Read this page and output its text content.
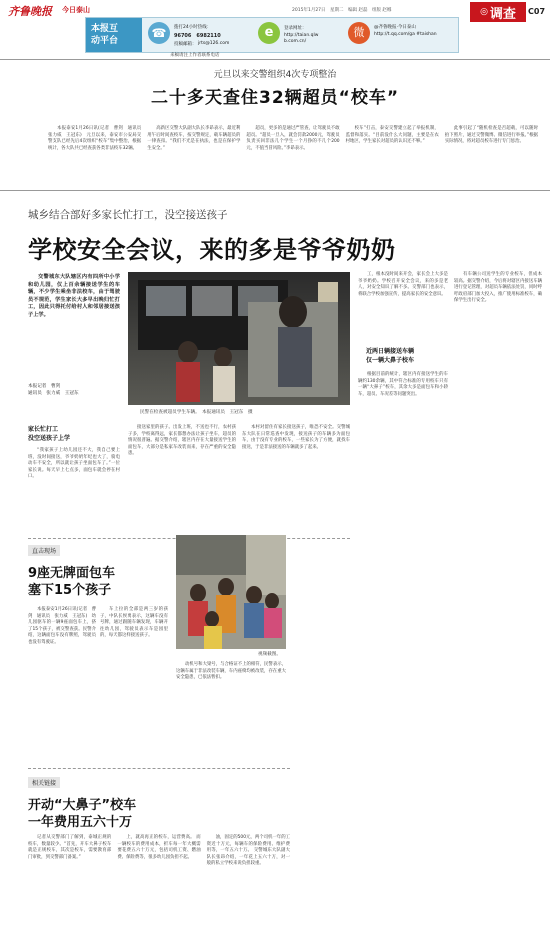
齐鲁晚报 今日泰山	2015年1月27日　星期二　编辑 赵磊　组版 赵娜	◎ 调查 C07
本报互
动平台
☎	拨打24小时热线：
96706　6982110
投稿邮箱： jrts@126.com
e	登录网址：
http://taian.qlw b.com.cn/
微	@齐鲁晚报·今日泰山
http://t.qq.com/ga #taishan
来稿请注上作者联系电话
元旦以来交警组织4次专项整治
二十多天查住32辆超员“校车”

本报泰安1月26日讯(记者　曹剑　通讯员　张力威　王冠东)　元旦以来，泰安市公安局交警支队已经先后4次组织“校车”集中整治，根据统计，各大队共已经查获各类非法校车32辆。

高新区交警大队副大队长李昂表示，最近利用午后时间查校车，按交警规定，载车辆超员的一律查扣。“我们不光是在执法，也是在保护学生安全。”

超员，更多的是通过严管查，让驾驶员不敢超员。“超员一旦入，就会罚款2000元，驾驶员负责买回非法儿个学生一个月挣的不几个200元，不值当冒风险。”李昂表示。

校车”打击，泰安交警建立起了举报机制，监督和落实。“目前没什么大问题，主要是在农村地区，学生家长对超员的认识还不够。”

此事引起了“随机检查是否超载，可以随时拍下照片，通过交警微博、微信进行举报。”根据实际情况，将对超员校车进行专门惩治。

城乡结合部好多家长忙打工，没空接送孩子
学校安全会议，来的多是爷爷奶奶

交警城东大队辖区内有四所中小学和幼儿园，仅上百余辆接送学生的车辆，不少学生乘坐非法校车，由于驾驶员不规范，学生家长大多早出晚归忙打工，因此只得托付给村人和邻居接送孩子上学。

本报记者　曹剑
通讯员　张力威　王冠东
家长忙打工
没空送孩子上学

“我家孩子上幼儿园还不大，我自己要上班，没时间接送，爷爷奶奶年纪也大了，骑电动车不安全，所以就让孩子坐面包车了。”一位家长说。每天早上七点多，面包车就会停在村口。

民警在检查被超员学生车辆。　本报通讯员　王冠东　摄

接送家里的孩子。出发上班，不送也不行，农村孩子多，学校离得远，家长都想办法让孩子坐车，超员的情况很普遍。据交警介绍，辖区内存在大量接送学生的面包车，大部分是私家车改装而来，存在严重的安全隐患。

本村对留住有家长接送孩子，唯恐不安全。交警城东大队在日常巡查中发现，接送孩子的车辆多为面包车，由于没有专业的校车，一些家长为了方便，就找车接送，于是非法接送的车辆就多了起来。

工，根本没时间来开会，家长会上大多是爷爷奶奶。学校召开安全会议，来的多是老人，对安全知识了解不多。交警部门也表示，将联合学校加强宣传，提高家长的安全意识。

近两日辆接送车辆
仅一辆大鼻子校车

根据目前的统计，辖区内有接送学生的车辆约130余辆，其中符合标准的专用校车只有一辆“大鼻子”校车，其余大多是面包车和小轿车，超员、车况差等问题突出。

有车辆公司送学生的专业校车，但成本较高。据交警介绍，今后将对辖区内接送车辆进行登记管理，对超员车辆依法处罚，同时呼吁政府部门加大投入，推广使用标准校车，确保学生出行安全。

直击现场
9座无牌面包车
塞下15个孩子

本报泰安1月26日讯(记者　曹剑　通讯员　张力威　王冠东)　幼儿园驱车的一辆9座面包车上，挤了15个孩子，被交警查获。民警介绍，这辆面包车没有牌照，驾驶员也没有驾驶证。

车上拉的全部是两三岁的孩子，中队长侯勇表示，这辆车没有号牌，通过跟随车辆发现，车辆开往幼儿园，驾驶员表示车是园里的，每天都这样接送孩子。

视频截图。

动机号和大梁号，与合格证不上的相符，民警表示，这辆车属于非法改装车辆，车内座椅均被改装，存在重大安全隐患，已依法暂扣。

相关链接
开动“大鼻子”校车
一年费用五六十万

记者从交警部门了解到，泰城正规的校车，数量较少。“首先，开车大鼻子校车就是正规校车，其次是校车，需要教育部门审批，到交警部门备案。”

上，就高再正的校车，运营费高。 而一辆校车的费用成本，折车每一年大概需要花费五六十万元，包括司机工资、燃油费、保险费等，很多幼儿园负担不起。

油，固定的500元，两个司机一年的工资近十万元，每辆车的保险费用、维护费用等，一年五六十万。 交警城东大队副大队长张昂介绍，一年花上五六十万，对一般的私立学校来说负担较重。
